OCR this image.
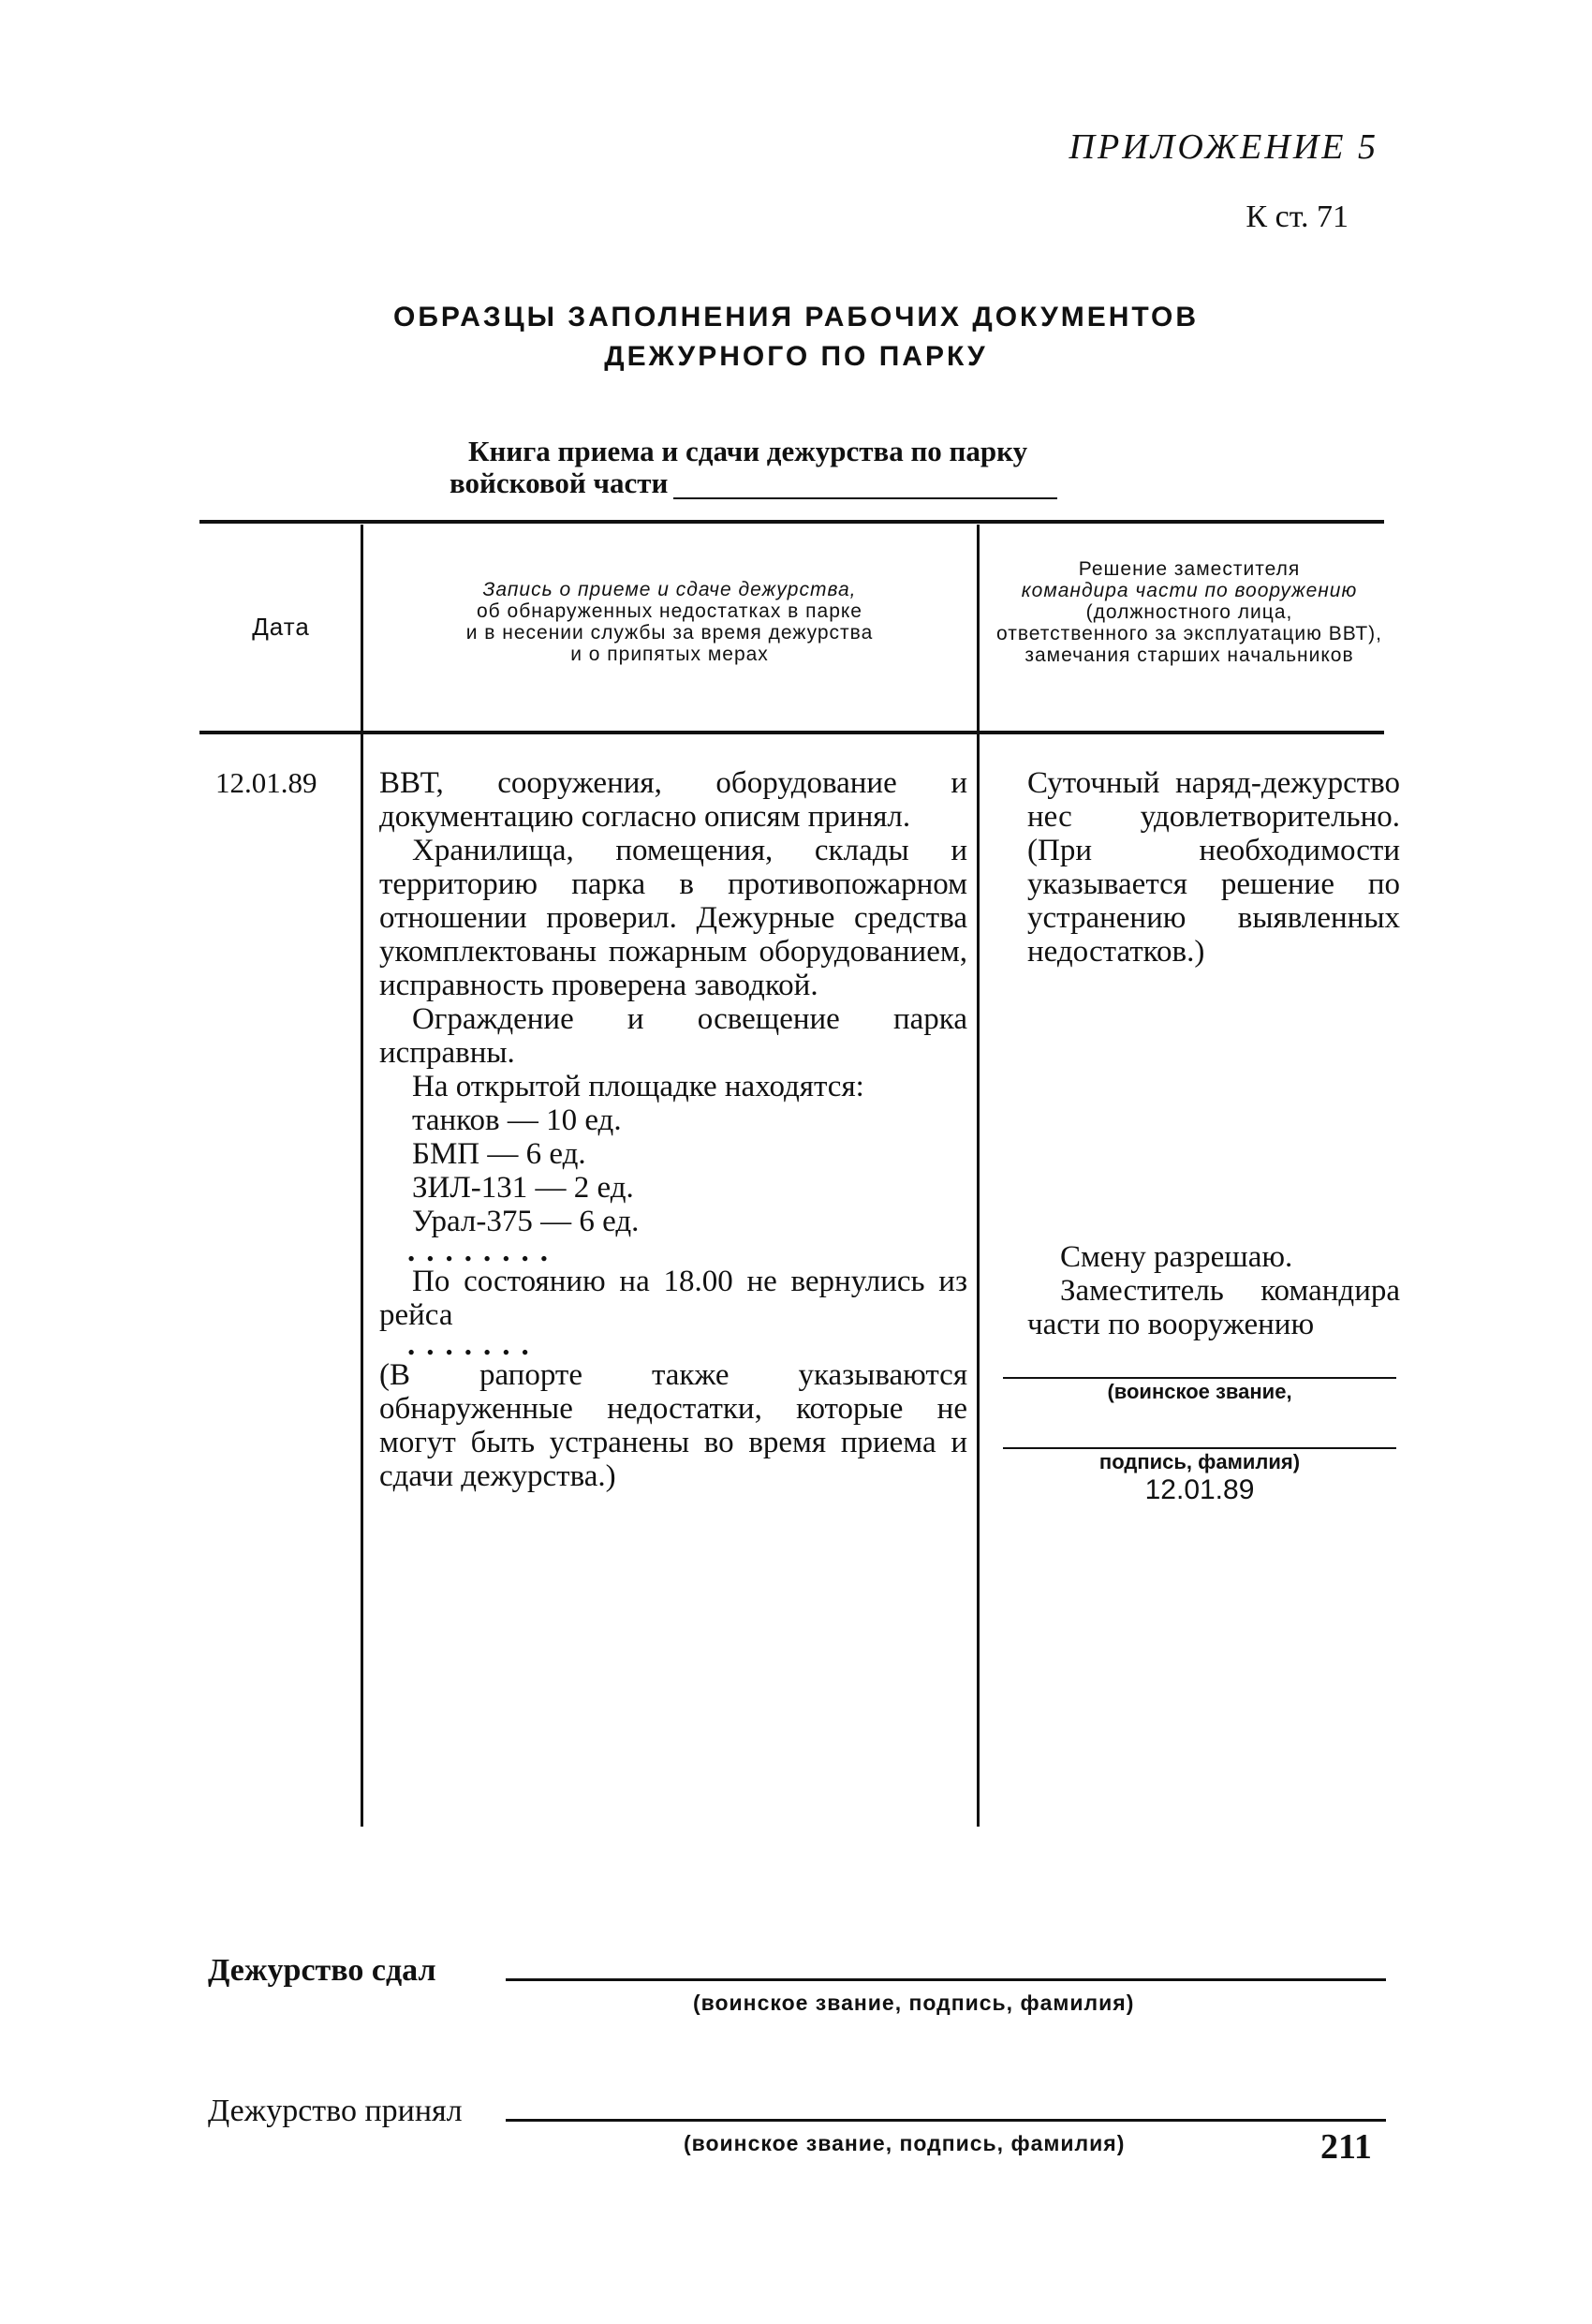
ПРИЛОЖЕНИЕ 5
К ст. 71
ОБРАЗЦЫ ЗАПОЛНЕНИЯ РАБОЧИХ ДОКУМЕНТОВ
ДЕЖУРНОГО ПО ПАРКУ
Книга приема и сдачи дежурства по парку
войсковой части
Дата
Запись о приеме и сдаче дежурства,
об обнаруженных недостатках в парке
и в несении службы за время дежурства
и о припятых мерах
Решение заместителя
командира части по вооружению
(должностного лица,
ответственного за эксплуатацию ВВТ),
замечания старших начальников
12.01.89 ВВТ, сооружения, оборудование и документацию согласно описям принял.

Хранилища, помещения, склады и территорию парка в противопожарном отношении проверил. Дежурные средства укомплектованы пожарным оборудованием, исправность проверена заводкой.

Ограждение и освещение парка исправны.

На открытой площадке находятся:

танков — 10 ед.

БМП — 6 ед.

ЗИЛ-131 — 2 ед.

Урал-375 — 6 ед.

........

По состоянию на 18.00 не вернулись из рейса

.......

(В рапорте также указываются обнаруженные недостатки, которые не могут быть устранены во время приема и сдачи дежурства.)

Суточный наряд-дежурство нес удовлетворительно. (При необходимости указывается решение по устранению выявленных недостатков.)

Смену разрешаю.

Заместитель командира части по вооружению

(воинское звание,
подпись, фамилия)
12.01.89
Дежурство сдал
(воинское звание, подпись, фамилия)
Дежурство принял
(воинское звание, подпись, фамилия)	211
